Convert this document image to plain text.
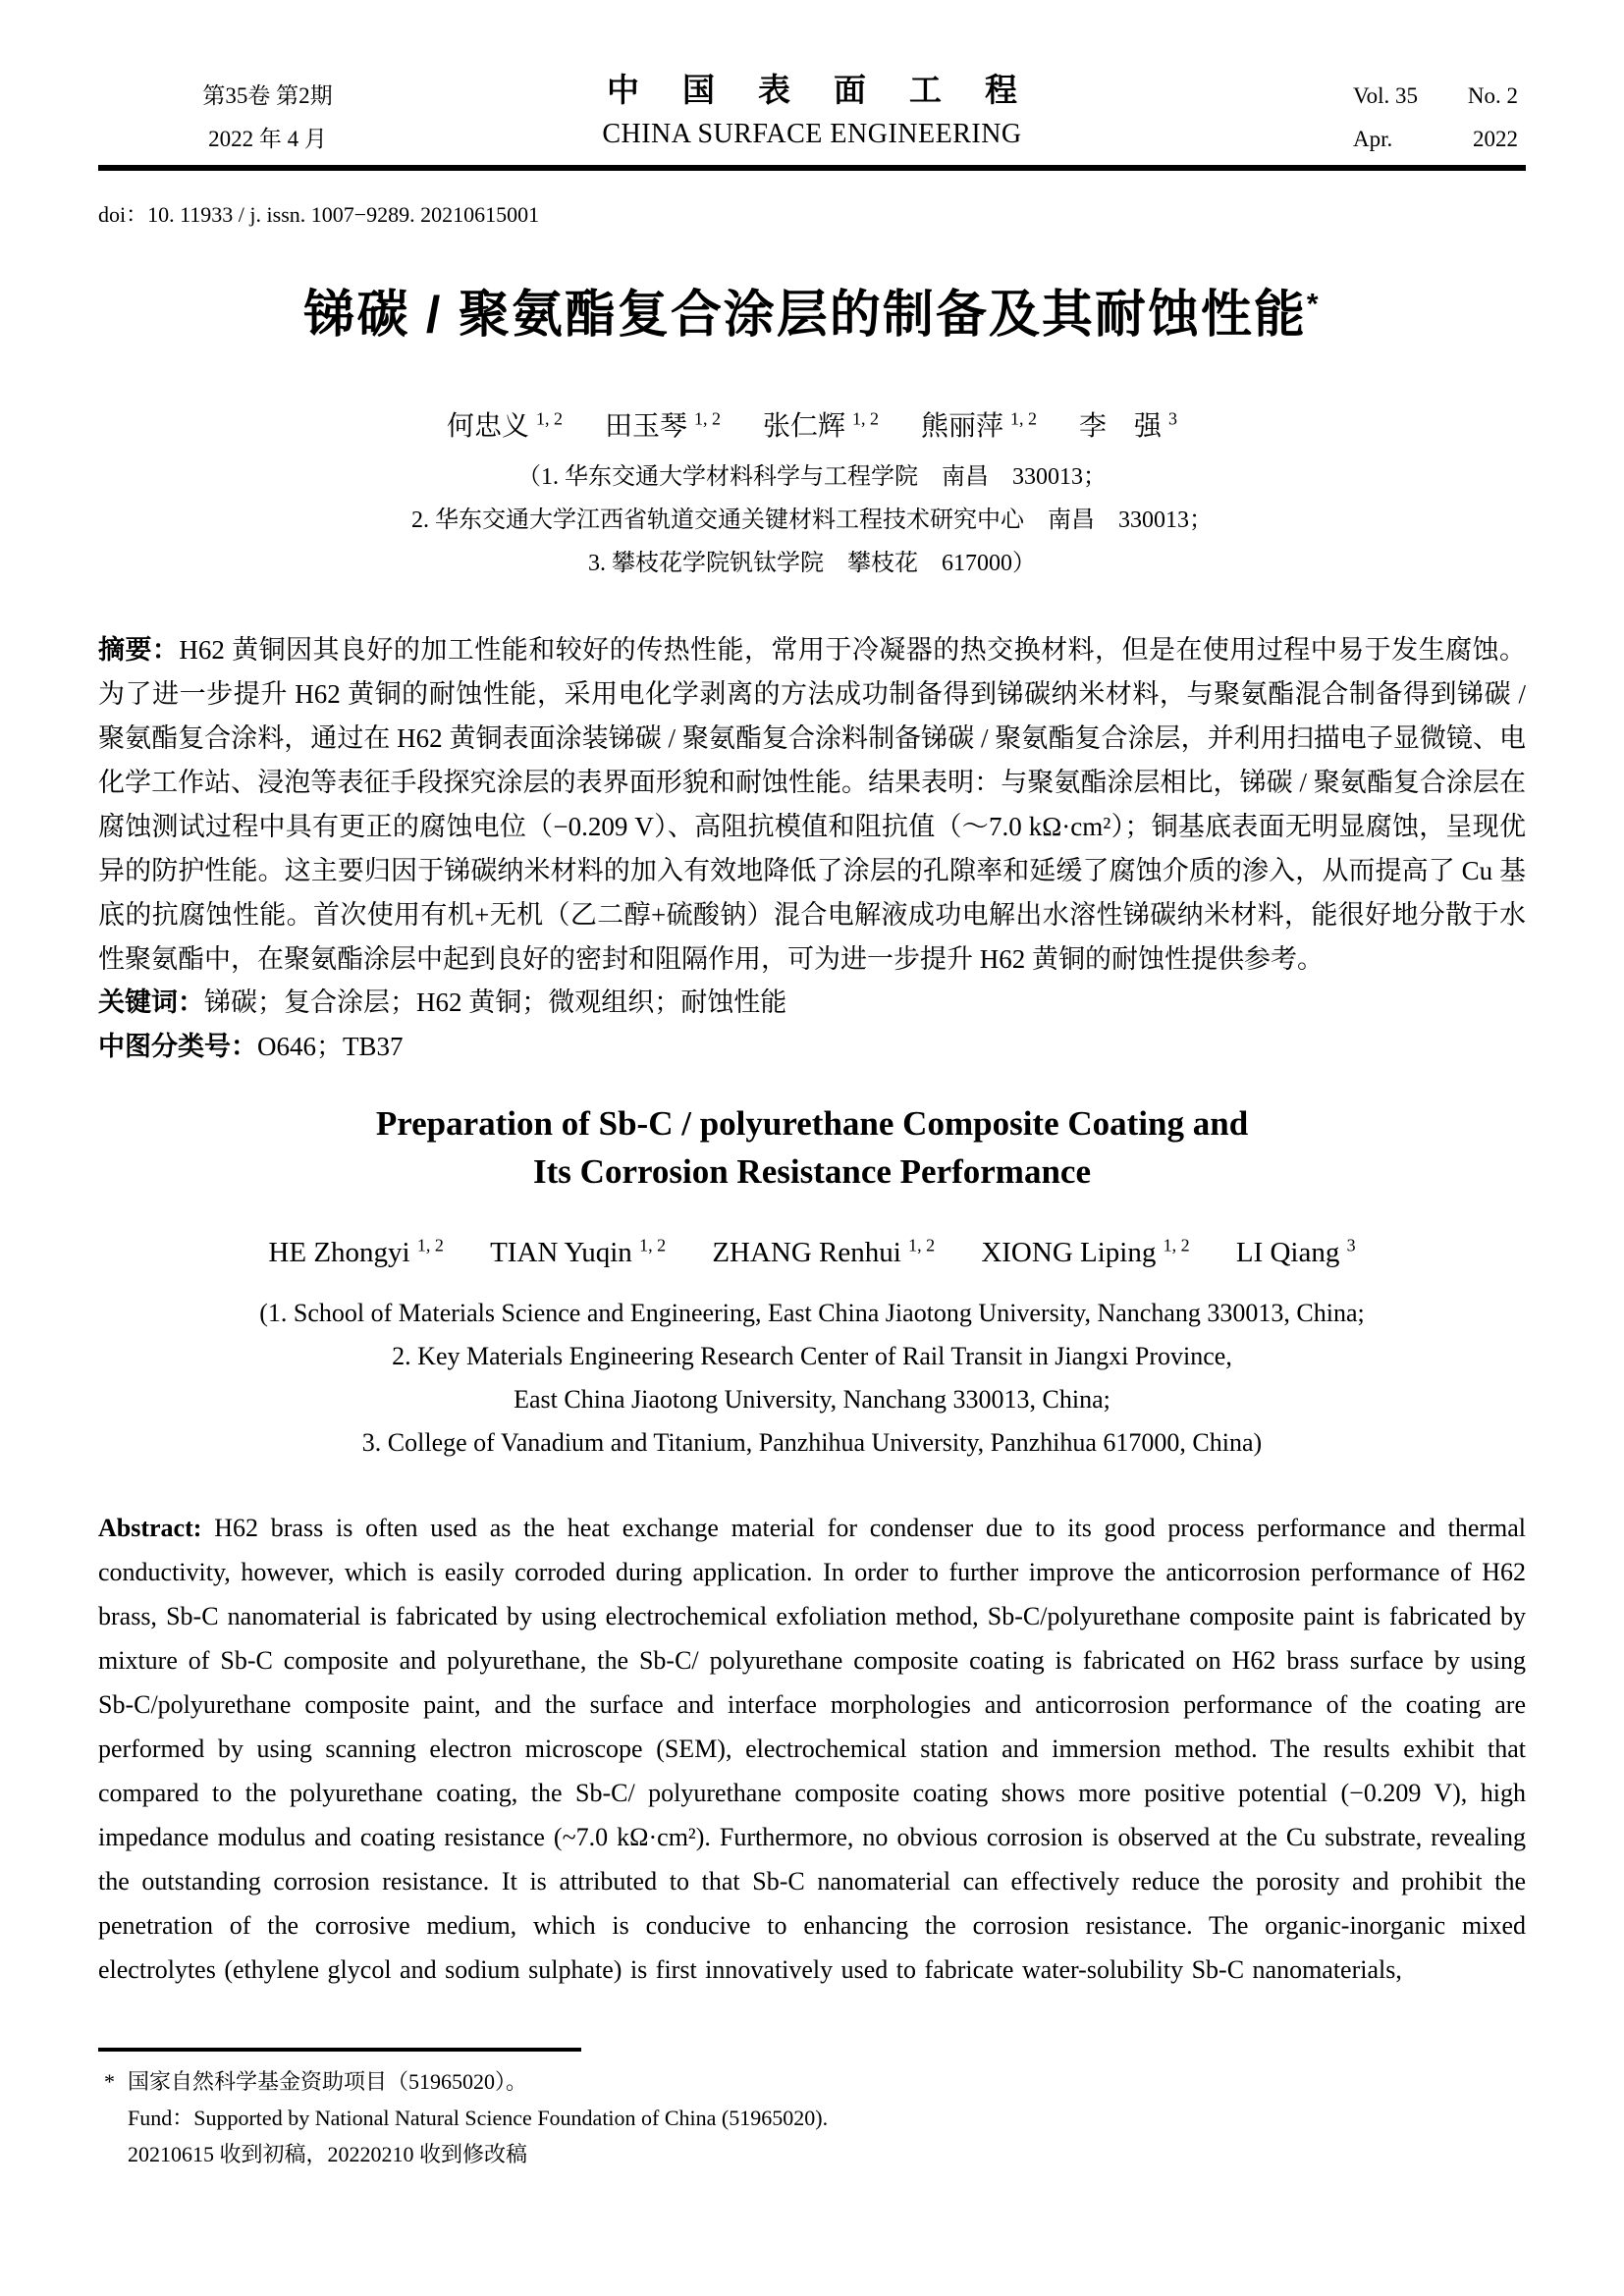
第35卷 第2期
2022 年 4 月
中国表面工程
CHINA SURFACE ENGINEERING
Vol. 35 No. 2
Apr.	2022
doi：10. 11933 / j. issn. 1007−9289. 20210615001
锑碳 / 聚氨酯复合涂层的制备及其耐蚀性能*
何忠义 $^{1, 2}$ 田玉琴 $^{1, 2}$ 张仁辉 $^{1, 2}$ 熊丽萍 $^{1, 2}$ 李　强 $^3$
（1. 华东交通大学材料科学与工程学院　南昌　330013；
2. 华东交通大学江西省轨道交通关键材料工程技术研究中心　南昌　330013；
3. 攀枝花学院钒钛学院　攀枝花　617000）
摘要：H62 黄铜因其良好的加工性能和较好的传热性能，常用于冷凝器的热交换材料，但是在使用过程中易于发生腐蚀。为了进一步提升 H62 黄铜的耐蚀性能，采用电化学剥离的方法成功制备得到锑碳纳米材料，与聚氨酯混合制备得到锑碳 / 聚氨酯复合涂料，通过在 H62 黄铜表面涂装锑碳 / 聚氨酯复合涂料制备锑碳 / 聚氨酯复合涂层，并利用扫描电子显微镜、电化学工作站、浸泡等表征手段探究涂层的表界面形貌和耐蚀性能。结果表明：与聚氨酯涂层相比，锑碳 / 聚氨酯复合涂层在腐蚀测试过程中具有更正的腐蚀电位（−0.209 V）、高阻抗模值和阻抗值（～7.0 kΩ·cm²）；铜基底表面无明显腐蚀，呈现优异的防护性能。这主要归因于锑碳纳米材料的加入有效地降低了涂层的孔隙率和延缓了腐蚀介质的渗入，从而提高了 Cu 基底的抗腐蚀性能。首次使用有机+无机（乙二醇+硫酸钠）混合电解液成功电解出水溶性锑碳纳米材料，能很好地分散于水性聚氨酯中，在聚氨酯涂层中起到良好的密封和阻隔作用，可为进一步提升 H62 黄铜的耐蚀性提供参考。
关键词：锑碳；复合涂层；H62 黄铜；微观组织；耐蚀性能
中图分类号：O646；TB37
Preparation of Sb-C / polyurethane Composite Coating and
Its Corrosion Resistance Performance
HE Zhongyi $^{1, 2}$ TIAN Yuqin $^{1, 2}$ ZHANG Renhui $^{1, 2}$ XIONG Liping $^{1, 2}$ LI Qiang $^3$
(1. School of Materials Science and Engineering, East China Jiaotong University, Nanchang 330013, China;
2. Key Materials Engineering Research Center of Rail Transit in Jiangxi Province,
East China Jiaotong University, Nanchang 330013, China;
3. College of Vanadium and Titanium, Panzhihua University, Panzhihua 617000, China)
Abstract: H62 brass is often used as the heat exchange material for condenser due to its good process performance and thermal conductivity, however, which is easily corroded during application. In order to further improve the anticorrosion performance of H62 brass, Sb-C nanomaterial is fabricated by using electrochemical exfoliation method, Sb-C/polyurethane composite paint is fabricated by mixture of Sb-C composite and polyurethane, the Sb-C/ polyurethane composite coating is fabricated on H62 brass surface by using Sb-C/polyurethane composite paint, and the surface and interface morphologies and anticorrosion performance of the coating are performed by using scanning electron microscope (SEM), electrochemical station and immersion method. The results exhibit that compared to the polyurethane coating, the Sb-C/ polyurethane composite coating shows more positive potential (−0.209 V), high impedance modulus and coating resistance (~7.0 kΩ·cm²). Furthermore, no obvious corrosion is observed at the Cu substrate, revealing the outstanding corrosion resistance. It is attributed to that Sb-C nanomaterial can effectively reduce the porosity and prohibit the penetration of the corrosive medium, which is conducive to enhancing the corrosion resistance. The organic-inorganic mixed electrolytes (ethylene glycol and sodium sulphate) is first innovatively used to fabricate water-solubility Sb-C nanomaterials,
* 国家自然科学基金资助项目（51965020）。
Fund：Supported by National Natural Science Foundation of China (51965020).
20210615 收到初稿，20220210 收到修改稿
